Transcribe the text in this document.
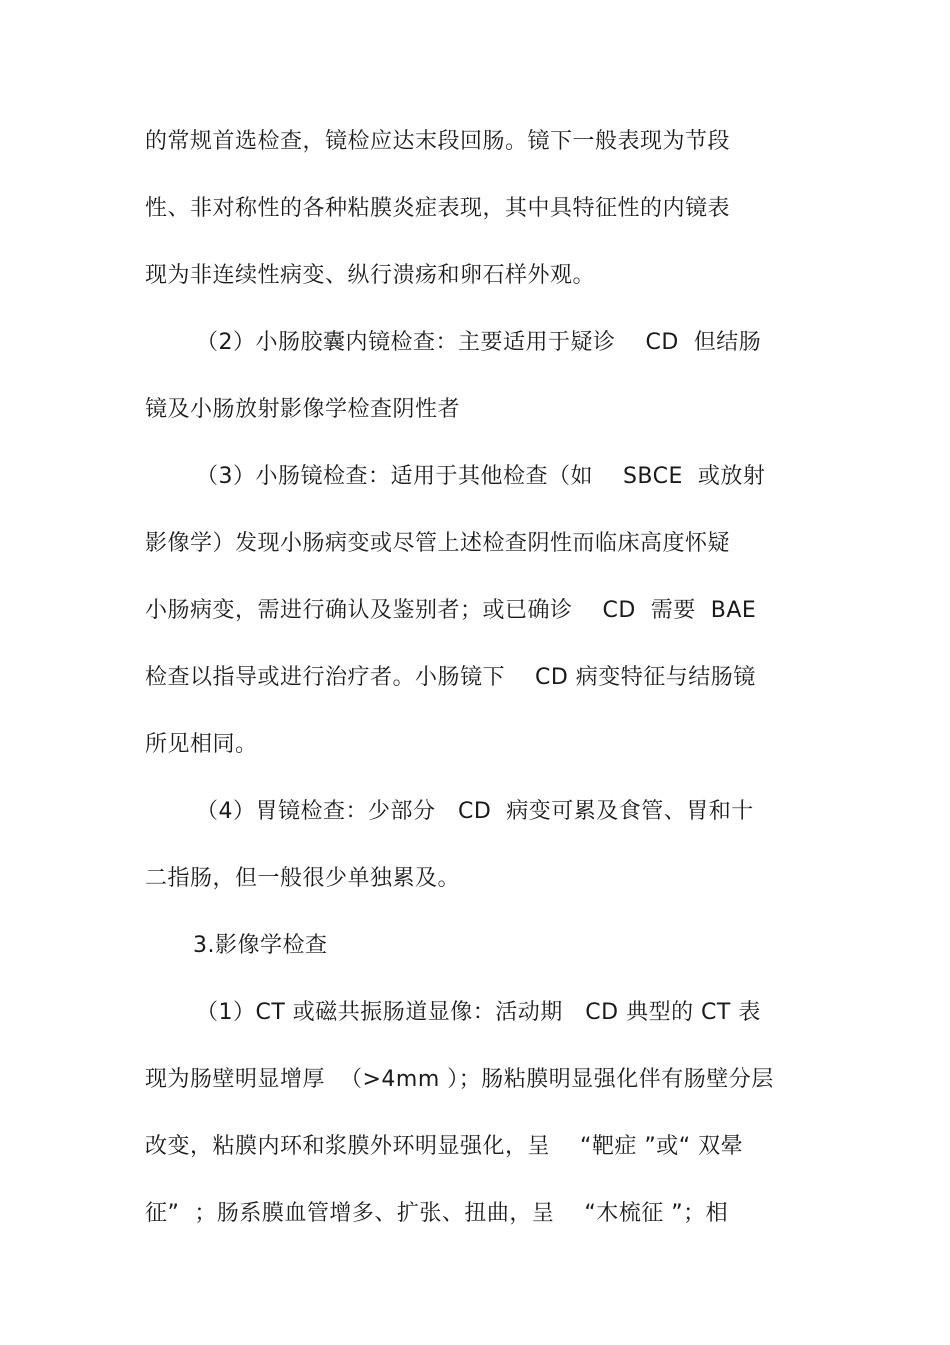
的常规首选检查，镜检应达末段回肠。镜下一般表现为节段
性、非对称性的各种粘膜炎症表现，其中具特征性的内镜表
现为非连续性病变、纵行溃疡和卵石样外观。
（2）小肠胶囊内镜检查：主要适用于疑诊    CD  但结肠
镜及小肠放射影像学检查阴性者
（3）小肠镜检查：适用于其他检查（如    SBCE  或放射
影像学）发现小肠病变或尽管上述检查阴性而临床高度怀疑
小肠病变，需进行确认及鉴别者；或已确诊    CD  需要  BAE
检查以指导或进行治疗者。小肠镜下    CD 病变特征与结肠镜
所见相同。
（4）胃镜检查：少部分   CD  病变可累及食管、胃和十
二指肠，但一般很少单独累及。
3.影像学检查
（1）CT 或磁共振肠道显像：活动期   CD 典型的 CT 表
现为肠壁明显增厚  （>4mm ）；肠粘膜明显强化伴有肠壁分层
改变，粘膜内环和浆膜外环明显强化，呈    “靶症 ”或“ 双晕
征”  ；肠系膜血管增多、扩张、扭曲，呈    “木梳征 ”；相
